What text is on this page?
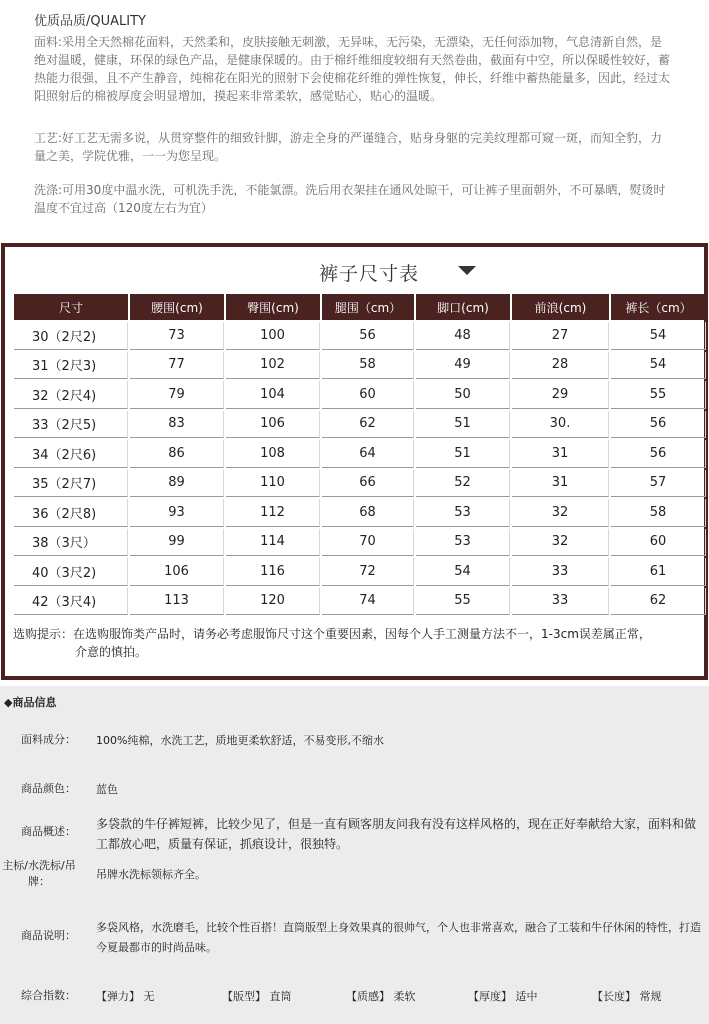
优质品质/QUALITY
面料:采用全天然棉花面料，天然柔和，皮肤接触无刺激，无异味，无污染，无漂染，无任何添加物，气息清新自然，是绝对温暖，健康，环保的绿色产品，是健康保暖的。由于棉纤维细度较细有天然卷曲，截面有中空，所以保暖性较好，蓄热能力很强，且不产生静音，纯棉花在阳光的照射下会使棉花纤维的弹性恢复，伸长，纤维中蓄热能量多，因此，经过太阳照射后的棉被厚度会明显增加，摸起来非常柔软，感觉贴心，贴心的温暖。
工艺:好工艺无需多说，从贯穿整件的细致针脚，游走全身的严谨缝合，贴身身躯的完美纹理都可窥一斑，而知全豹，力量之美，学院优雅，一一为您呈现。
洗涤:可用30度中温水洗，可机洗手洗，不能氯漂。洗后用衣架挂在通风处晾干，可让裤子里面朝外，不可暴晒，熨烫时温度不宜过高（120度左右为宜）
裤子尺寸表
尺寸	腰围(cm)	臀围(cm)	腿围（cm）	脚口(cm)	前浪(cm)	裤长（cm）
30（2尺2)	73	100	56	48	27	54
31（2尺3)	77	102	58	49	28	54
32（2尺4)	79	104	60	50	29	55
33（2尺5)	83	106	62	51	30.	56
34（2尺6)	86	108	64	51	31	56
35（2尺7)	89	110	66	52	31	57
36（2尺8)	93	112	68	53	32	58
38（3尺）	99	114	70	53	32	60
40（3尺2)	106	116	72	54	33	61
42（3尺4)	113	120	74	55	33	62
选购提示：在选购服饰类产品时，请务必考虑服饰尺寸这个重要因素，因每个人手工测量方法不一，1-3cm误差属正常，
介意的慎拍。
◆商品信息
面料成分： 100%纯棉，水洗工艺，质地更柔软舒适，不易变形,不缩水
商品颜色： 蓝色
商品概述：
多袋款的牛仔裤短裤，比较少见了，但是一直有顾客朋友问我有没有这样风格的，现在正好奉献给大家，面料和做工都放心吧，质量有保证，抓痕设计，很独特。
主标/水洗标/吊牌：
吊牌水洗标领标齐全。
商品说明：
多袋风格，水洗磨毛，比较个性百搭！直筒版型上身效果真的很帅气，个人也非常喜欢，融合了工装和牛仔休闲的特性，打造今夏最都市的时尚品味。
综合指数： 【弹力】 无	【版型】 直筒	【质感】 柔软	【厚度】 适中	【长度】 常规
